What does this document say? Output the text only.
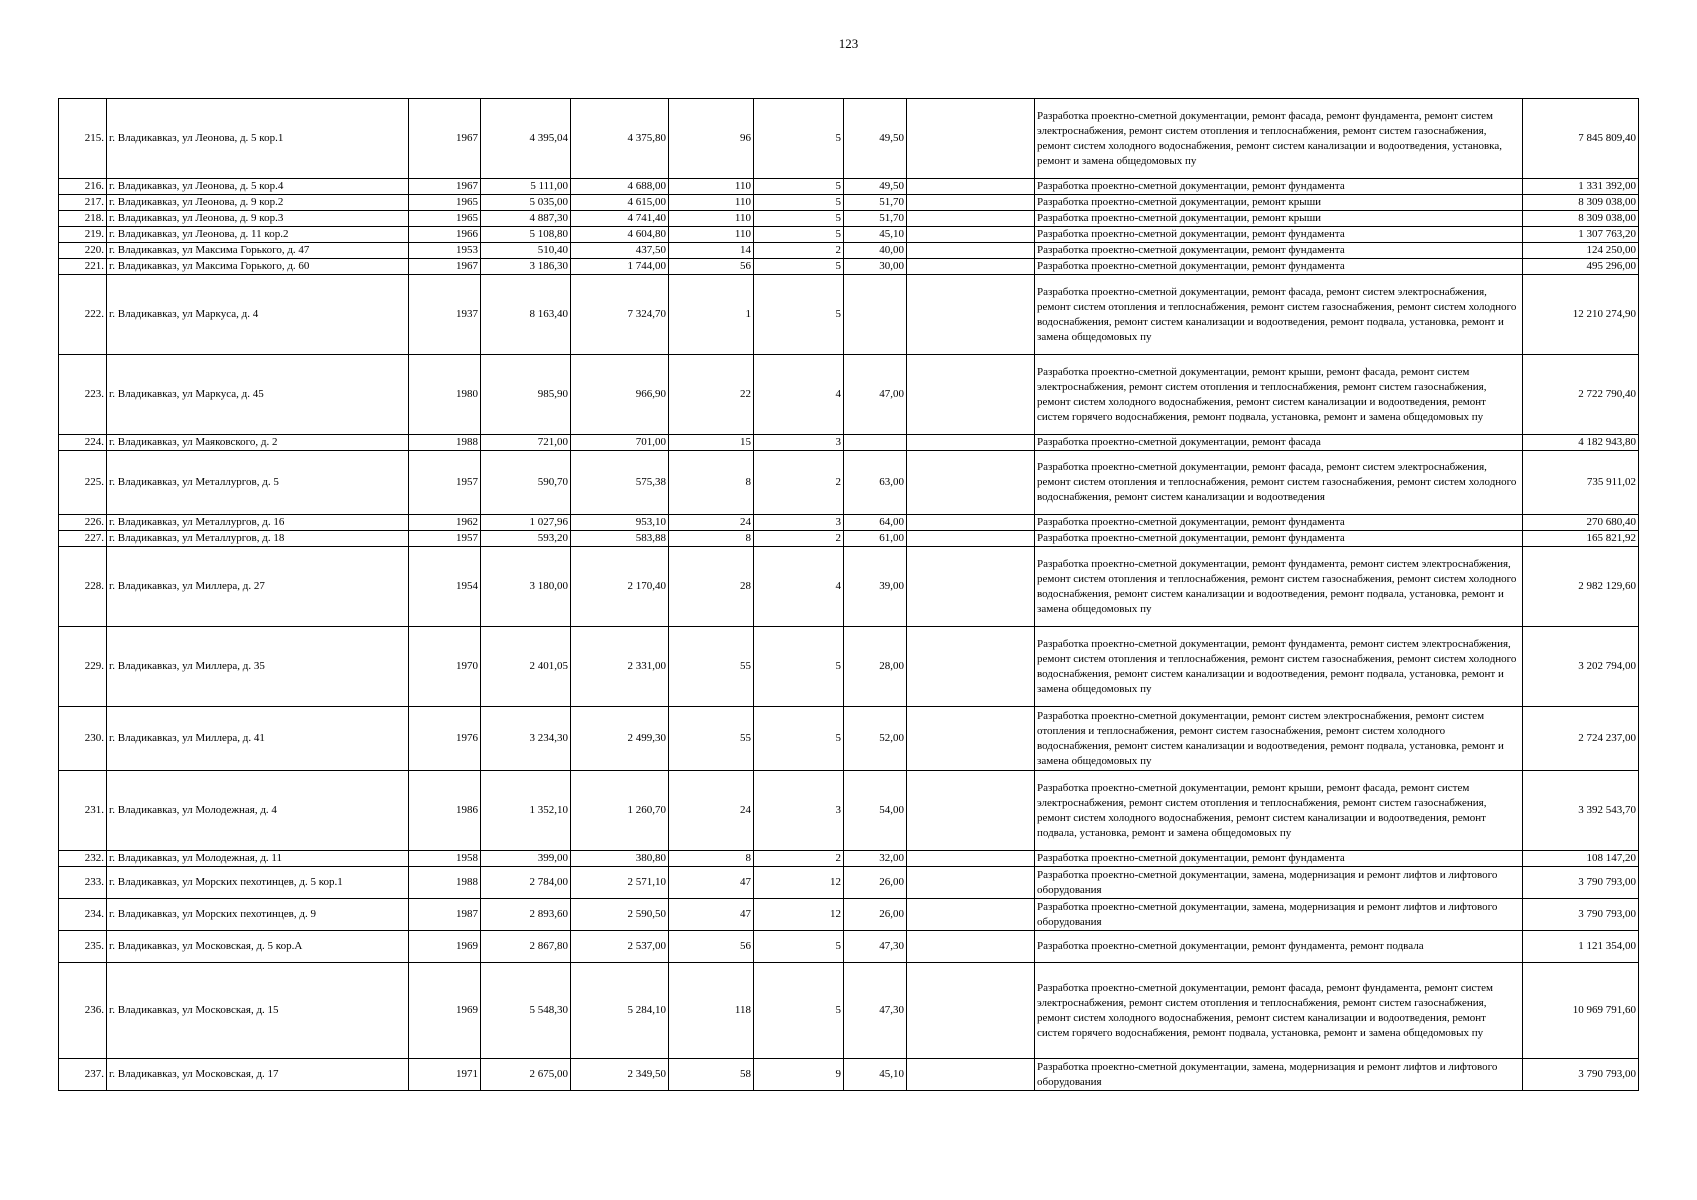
123
215.	г. Владикавказ, ул Леонова, д. 5 кор.1	1967	4 395,04	4 375,80	96	5	49,50		Разработка проектно-сметной документации, ремонт фасада, ремонт фундамента, ремонт систем электроснабжения, ремонт систем отопления и теплоснабжения, ремонт систем газоснабжения, ремонт систем холодного водоснабжения, ремонт систем канализации и водоотведения, установка, ремонт и замена общедомовых пу	7 845 809,40
216.	г. Владикавказ, ул Леонова, д. 5 кор.4	1967	5 111,00	4 688,00	110	5	49,50		Разработка проектно-сметной документации, ремонт фундамента	1 331 392,00
217.	г. Владикавказ, ул Леонова, д. 9 кор.2	1965	5 035,00	4 615,00	110	5	51,70		Разработка проектно-сметной документации, ремонт крыши	8 309 038,00
218.	г. Владикавказ, ул Леонова, д. 9 кор.3	1965	4 887,30	4 741,40	110	5	51,70		Разработка проектно-сметной документации, ремонт крыши	8 309 038,00
219.	г. Владикавказ, ул Леонова, д. 11 кор.2	1966	5 108,80	4 604,80	110	5	45,10		Разработка проектно-сметной документации, ремонт фундамента	1 307 763,20
220.	г. Владикавказ, ул Максима Горького, д. 47	1953	510,40	437,50	14	2	40,00		Разработка проектно-сметной документации, ремонт фундамента	124 250,00
221.	г. Владикавказ, ул Максима Горького, д. 60	1967	3 186,30	1 744,00	56	5	30,00		Разработка проектно-сметной документации, ремонт фундамента	495 296,00
222.	г. Владикавказ, ул Маркуса, д. 4	1937	8 163,40	7 324,70	1	5			Разработка проектно-сметной документации, ремонт фасада, ремонт систем электроснабжения, ремонт систем отопления и теплоснабжения, ремонт систем газоснабжения, ремонт систем холодного водоснабжения, ремонт систем канализации и водоотведения, ремонт подвала, установка, ремонт и замена общедомовых пу	12 210 274,90
223.	г. Владикавказ, ул Маркуса, д. 45	1980	985,90	966,90	22	4	47,00		Разработка проектно-сметной документации, ремонт крыши, ремонт фасада, ремонт систем электроснабжения, ремонт систем отопления и теплоснабжения, ремонт систем газоснабжения, ремонт систем холодного водоснабжения, ремонт систем канализации и водоотведения, ремонт систем горячего водоснабжения, ремонт подвала, установка, ремонт и замена общедомовых пу	2 722 790,40
224.	г. Владикавказ, ул Маяковского, д. 2	1988	721,00	701,00	15	3			Разработка проектно-сметной документации, ремонт фасада	4 182 943,80
225.	г. Владикавказ, ул Металлургов, д. 5	1957	590,70	575,38	8	2	63,00		Разработка проектно-сметной документации, ремонт фасада, ремонт систем электроснабжения, ремонт систем отопления и теплоснабжения, ремонт систем газоснабжения, ремонт систем холодного водоснабжения, ремонт систем канализации и водоотведения	735 911,02
226.	г. Владикавказ, ул Металлургов, д. 16	1962	1 027,96	953,10	24	3	64,00		Разработка проектно-сметной документации, ремонт фундамента	270 680,40
227.	г. Владикавказ, ул Металлургов, д. 18	1957	593,20	583,88	8	2	61,00		Разработка проектно-сметной документации, ремонт фундамента	165 821,92
228.	г. Владикавказ, ул Миллера, д. 27	1954	3 180,00	2 170,40	28	4	39,00		Разработка проектно-сметной документации, ремонт фундамента, ремонт систем электроснабжения, ремонт систем отопления и теплоснабжения, ремонт систем газоснабжения, ремонт систем холодного водоснабжения, ремонт систем канализации и водоотведения, ремонт подвала, установка, ремонт и замена общедомовых пу	2 982 129,60
229.	г. Владикавказ, ул Миллера, д. 35	1970	2 401,05	2 331,00	55	5	28,00		Разработка проектно-сметной документации, ремонт фундамента, ремонт систем электроснабжения, ремонт систем отопления и теплоснабжения, ремонт систем газоснабжения, ремонт систем холодного водоснабжения, ремонт систем канализации и водоотведения, ремонт подвала, установка, ремонт и замена общедомовых пу	3 202 794,00
230.	г. Владикавказ, ул Миллера, д. 41	1976	3 234,30	2 499,30	55	5	52,00		Разработка проектно-сметной документации, ремонт систем электроснабжения, ремонт систем отопления и теплоснабжения, ремонт систем газоснабжения, ремонт систем холодного водоснабжения, ремонт систем канализации и водоотведения, ремонт подвала, установка, ремонт и замена общедомовых пу	2 724 237,00
231.	г. Владикавказ, ул Молодежная, д. 4	1986	1 352,10	1 260,70	24	3	54,00		Разработка проектно-сметной документации, ремонт крыши, ремонт фасада, ремонт систем электроснабжения, ремонт систем отопления и теплоснабжения, ремонт систем газоснабжения, ремонт систем холодного водоснабжения, ремонт систем канализации и водоотведения, ремонт подвала, установка, ремонт и замена общедомовых пу	3 392 543,70
232.	г. Владикавказ, ул Молодежная, д. 11	1958	399,00	380,80	8	2	32,00		Разработка проектно-сметной документации, ремонт фундамента	108 147,20
233.	г. Владикавказ, ул Морских пехотинцев, д. 5 кор.1	1988	2 784,00	2 571,10	47	12	26,00		Разработка проектно-сметной документации, замена, модернизация и ремонт лифтов и лифтового оборудования	3 790 793,00
234.	г. Владикавказ, ул Морских пехотинцев, д. 9	1987	2 893,60	2 590,50	47	12	26,00		Разработка проектно-сметной документации, замена, модернизация и ремонт лифтов и лифтового оборудования	3 790 793,00
235.	г. Владикавказ, ул Московская, д. 5 кор.А	1969	2 867,80	2 537,00	56	5	47,30		Разработка проектно-сметной документации, ремонт фундамента, ремонт подвала	1 121 354,00
236.	г. Владикавказ, ул Московская, д. 15	1969	5 548,30	5 284,10	118	5	47,30		Разработка проектно-сметной документации, ремонт фасада, ремонт фундамента, ремонт систем электроснабжения, ремонт систем отопления и теплоснабжения, ремонт систем газоснабжения, ремонт систем холодного водоснабжения, ремонт систем канализации и водоотведения, ремонт систем горячего водоснабжения, ремонт подвала, установка, ремонт и замена общедомовых пу	10 969 791,60
237.	г. Владикавказ, ул Московская, д. 17	1971	2 675,00	2 349,50	58	9	45,10		Разработка проектно-сметной документации, замена, модернизация и ремонт лифтов и лифтового оборудования	3 790 793,00
